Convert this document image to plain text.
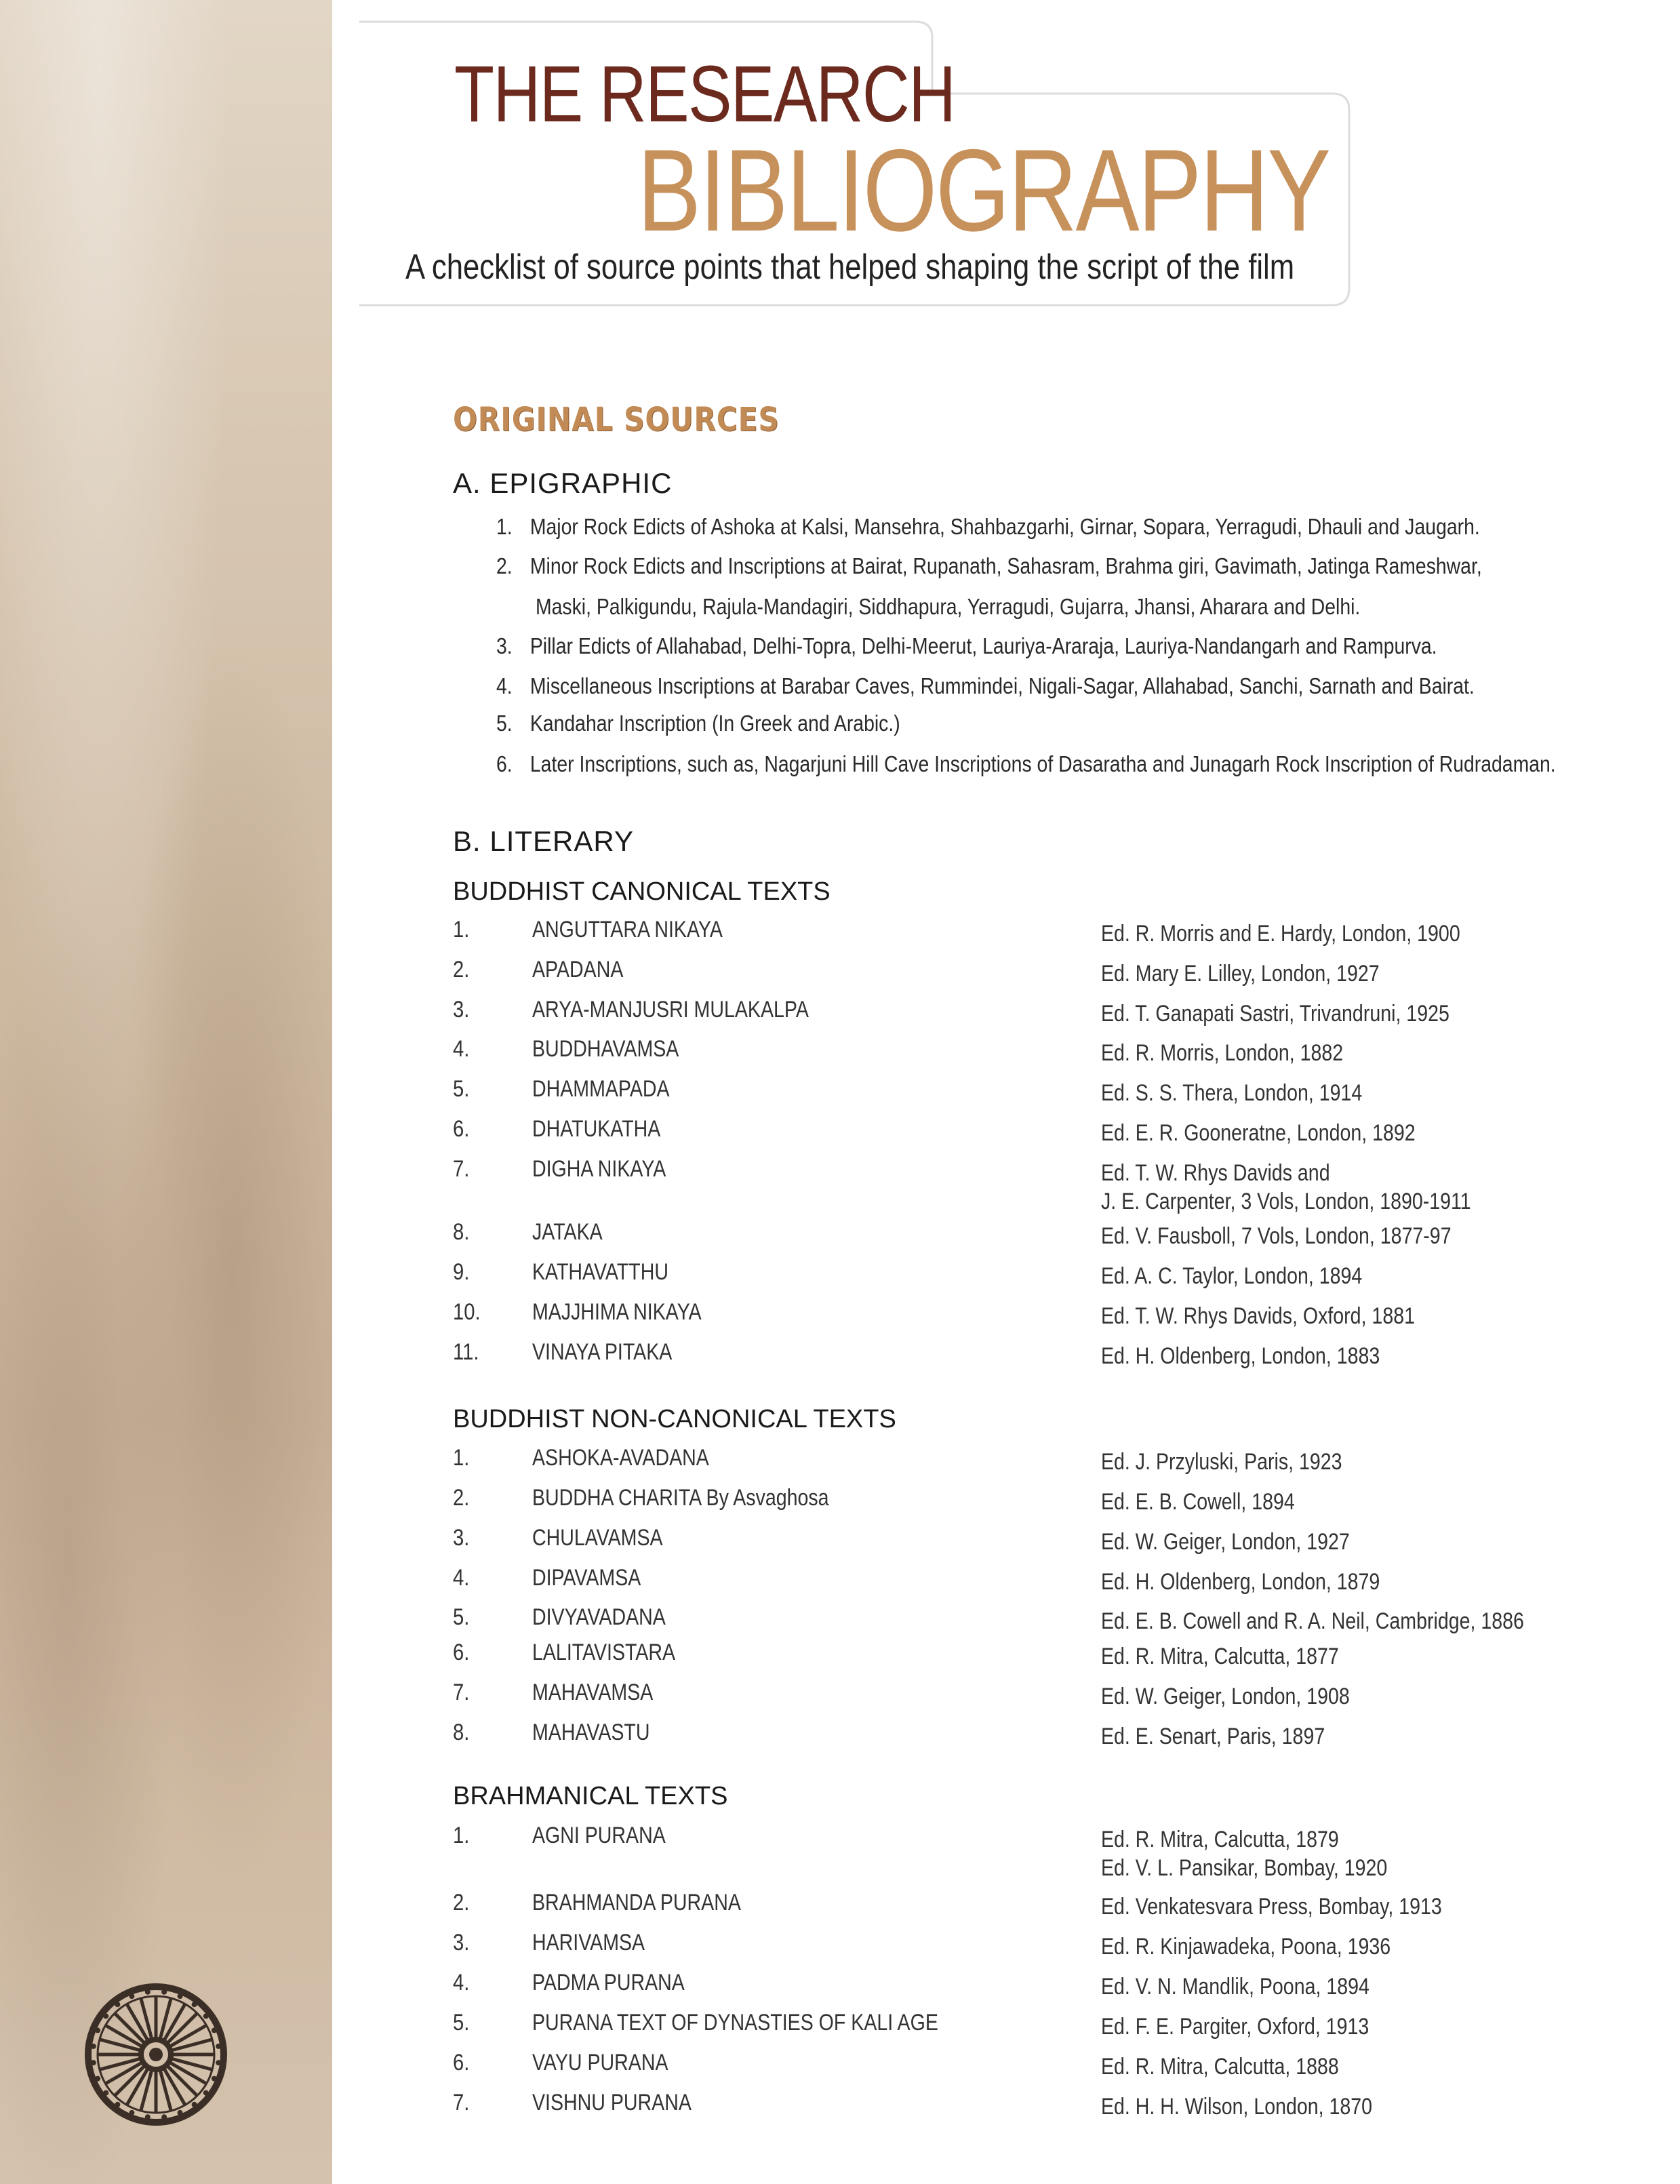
THE RESEARCH
BIBLIOGRAPHY
A checklist of source points that helped shaping the script of the film
ORIGINAL SOURCES
A. EPIGRAPHIC
1. Major Rock Edicts of Ashoka at Kalsi, Mansehra, Shahbazgarhi, Girnar, Sopara, Yerragudi, Dhauli and Jaugarh.
2. Minor Rock Edicts and Inscriptions at Bairat, Rupanath, Sahasram, Brahma giri, Gavimath, Jatinga Rameshwar,
Maski, Palkigundu, Rajula-Mandagiri, Siddhapura, Yerragudi, Gujarra, Jhansi, Aharara and Delhi.
3. Pillar Edicts of Allahabad, Delhi-Topra, Delhi-Meerut, Lauriya-Araraja, Lauriya-Nandangarh and Rampurva.
4. Miscellaneous Inscriptions at Barabar Caves, Rummindei, Nigali-Sagar, Allahabad, Sanchi, Sarnath and Bairat.
5. Kandahar Inscription (In Greek and Arabic.)
6. Later Inscriptions, such as, Nagarjuni Hill Cave Inscriptions of Dasaratha and Junagarh Rock Inscription of Rudradaman.
B. LITERARY
BUDDHIST CANONICAL TEXTS
1.	ANGUTTARA NIKAYA	Ed. R. Morris and E. Hardy, London, 1900
2.	APADANA	Ed. Mary E. Lilley, London, 1927
3.	ARYA-MANJUSRI MULAKALPA	Ed. T. Ganapati Sastri, Trivandruni, 1925
4.	BUDDHAVAMSA	Ed. R. Morris, London, 1882
5.	DHAMMAPADA	Ed. S. S. Thera, London, 1914
6.	DHATUKATHA	Ed. E. R. Gooneratne, London, 1892
7.	DIGHA NIKAYA	Ed. T. W. Rhys Davids and
J. E. Carpenter, 3 Vols, London, 1890-1911
8.	JATAKA	Ed. V. Fausboll, 7 Vols, London, 1877-97
9.	KATHAVATTHU	Ed. A. C. Taylor, London, 1894
10. MAJJHIMA NIKAYA	Ed. T. W. Rhys Davids, Oxford, 1881
11. VINAYA PITAKA	Ed. H. Oldenberg, London, 1883
BUDDHIST NON-CANONICAL TEXTS
1.	ASHOKA-AVADANA	Ed. J. Przyluski, Paris, 1923
2.	BUDDHA CHARITA By Asvaghosa	Ed. E. B. Cowell, 1894
3.	CHULAVAMSA	Ed. W. Geiger, London, 1927
4.	DIPAVAMSA	Ed. H. Oldenberg, London, 1879
5.	DIVYAVADANA	Ed. E. B. Cowell and R. A. Neil, Cambridge, 1886
6.	LALITAVISTARA	Ed. R. Mitra, Calcutta, 1877
7.	MAHAVAMSA	Ed. W. Geiger, London, 1908
8.	MAHAVASTU	Ed. E. Senart, Paris, 1897
BRAHMANICAL TEXTS
1.	AGNI PURANA	Ed. R. Mitra, Calcutta, 1879
Ed. V. L. Pansikar, Bombay, 1920
2.	BRAHMANDA PURANA	Ed. Venkatesvara Press, Bombay, 1913
3.	HARIVAMSA	Ed. R. Kinjawadeka, Poona, 1936
4.	PADMA PURANA	Ed. V. N. Mandlik, Poona, 1894
5.	PURANA TEXT OF DYNASTIES OF KALI AGE	Ed. F. E. Pargiter, Oxford, 1913
6.	VAYU PURANA	Ed. R. Mitra, Calcutta, 1888
7.	VISHNU PURANA	Ed. H. H. Wilson, London, 1870
